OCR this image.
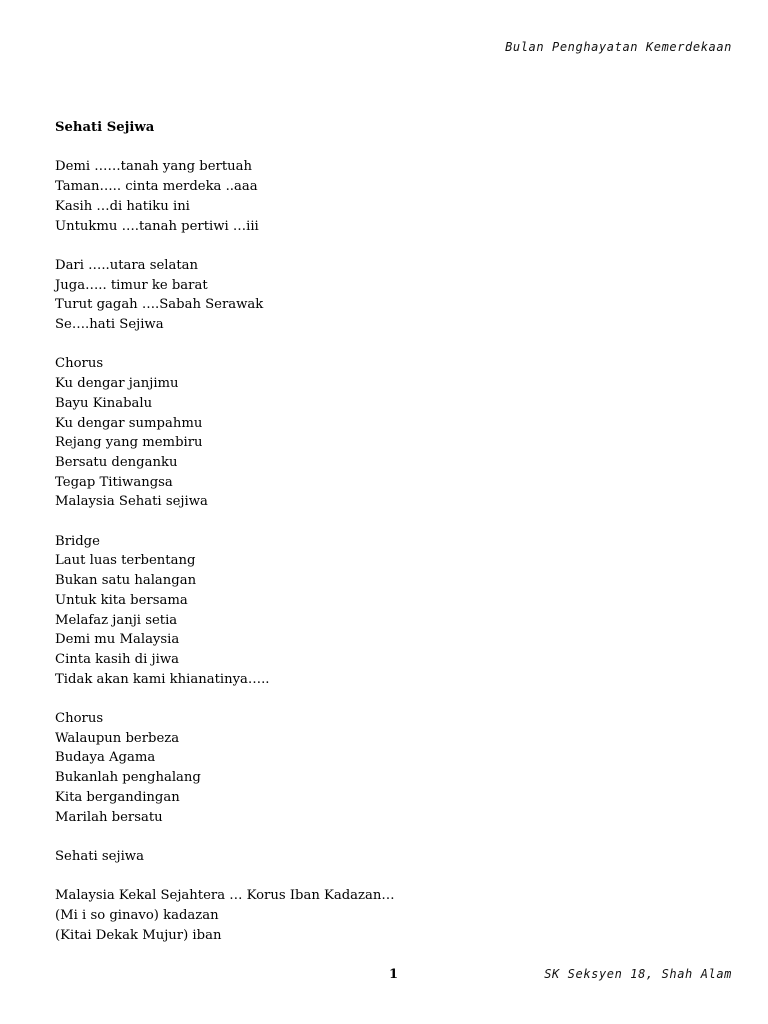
Bulan Penghayatan Kemerdekaan
Sehati Sejiwa
Demi ……tanah yang bertuah
Taman….. cinta merdeka ..aaa
Kasih …di hatiku ini
Untukmu ….tanah pertiwi …iii
Dari …..utara selatan
Juga….. timur ke barat
Turut gagah ….Sabah Serawak
Se….hati Sejiwa
Chorus
Ku dengar janjimu
Bayu Kinabalu
Ku dengar sumpahmu
Rejang yang membiru
Bersatu denganku
Tegap Titiwangsa
Malaysia Sehati sejiwa
Bridge
Laut luas terbentang
Bukan satu halangan
Untuk kita bersama
Melafaz janji setia
Demi mu Malaysia
Cinta kasih di jiwa
Tidak akan kami khianatinya…..
Chorus
Walaupun berbeza
Budaya Agama
Bukanlah penghalang
Kita bergandingan
Marilah bersatu
Sehati sejiwa
Malaysia Kekal Sejahtera … Korus Iban Kadazan…
(Mi i so ginavo) kadazan
(Kitai Dekak Mujur) iban
1	SK Seksyen 18, Shah Alam
